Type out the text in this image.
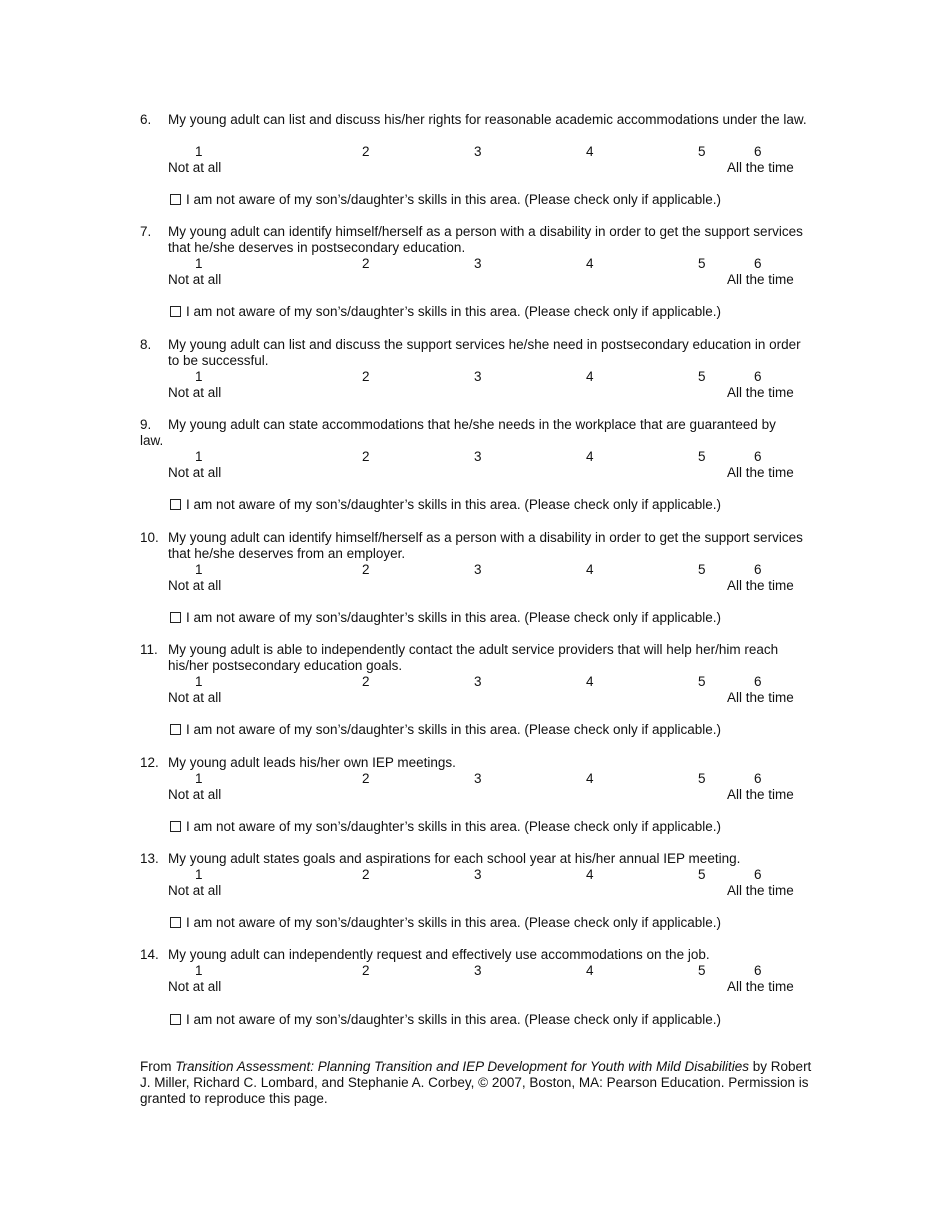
6. My young adult can list and discuss his/her rights for reasonable academic accommodations under the law.
1	2	3	4	5	6
Not at all	All the time
I am not aware of my son’s/daughter’s skills in this area. (Please check only if applicable.)
7. My young adult can identify himself/herself as a person with a disability in order to get the support services that he/she deserves in postsecondary education.
1	2	3	4	5	6
Not at all	All the time
I am not aware of my son’s/daughter’s skills in this area. (Please check only if applicable.)
8. My young adult can list and discuss the support services he/she need in postsecondary education in order to be successful.
1	2	3	4	5	6
Not at all	All the time
9. My young adult can state accommodations that he/she needs in the workplace that are guaranteed by
law.
1	2	3	4	5	6
Not at all	All the time
I am not aware of my son’s/daughter’s skills in this area. (Please check only if applicable.)
10. My young adult can identify himself/herself as a person with a disability in order to get the support services that he/she deserves from an employer.
1	2	3	4	5	6
Not at all	All the time
I am not aware of my son’s/daughter’s skills in this area. (Please check only if applicable.)
11. My young adult is able to independently contact the adult service providers that will help her/him reach his/her postsecondary education goals.
1	2	3	4	5	6
Not at all	All the time
I am not aware of my son’s/daughter’s skills in this area. (Please check only if applicable.)
12. My young adult leads his/her own IEP meetings.
1	2	3	4	5	6
Not at all	All the time
I am not aware of my son’s/daughter’s skills in this area. (Please check only if applicable.)
13. My young adult states goals and aspirations for each school year at his/her annual IEP meeting.
1	2	3	4	5	6
Not at all	All the time
I am not aware of my son’s/daughter’s skills in this area. (Please check only if applicable.)
14. My young adult can independently request and effectively use accommodations on the job.
1	2	3	4	5	6
Not at all	All the time
I am not aware of my son’s/daughter’s skills in this area. (Please check only if applicable.)
From Transition Assessment: Planning Transition and IEP Development for Youth with Mild Disabilities by Robert J. Miller, Richard C. Lombard, and Stephanie A. Corbey, © 2007, Boston, MA: Pearson Education. Permission is granted to reproduce this page.
